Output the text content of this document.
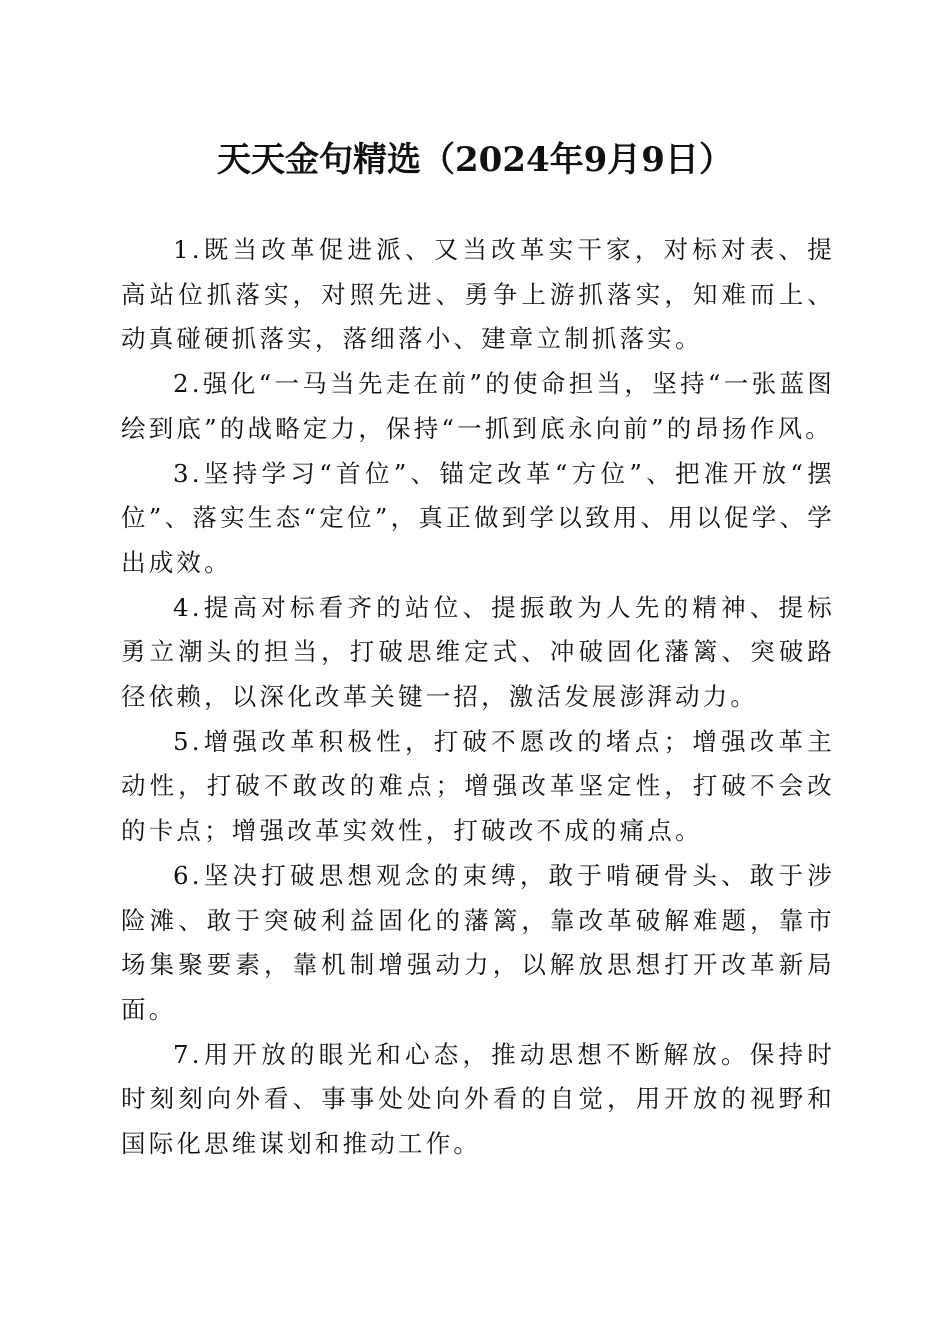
天天金句精选（2024年9月9日）

1.既当改革促进派、又当改革实干家，对标对表、提高站位抓落实，对照先进、勇争上游抓落实，知难而上、动真碰硬抓落实，落细落小、建章立制抓落实。

2.强化“一马当先走在前”的使命担当，坚持“一张蓝图绘到底”的战略定力，保持“一抓到底永向前”的昂扬作风。

3.坚持学习“首位”、锚定改革“方位”、把准开放“摆位”、落实生态“定位”，真正做到学以致用、用以促学、学出成效。

4.提高对标看齐的站位、提振敢为人先的精神、提标勇立潮头的担当，打破思维定式、冲破固化藩篱、突破路径依赖，以深化改革关键一招，激活发展澎湃动力。

5.增强改革积极性，打破不愿改的堵点；增强改革主动性，打破不敢改的难点；增强改革坚定性，打破不会改的卡点；增强改革实效性，打破改不成的痛点。

6.坚决打破思想观念的束缚，敢于啃硬骨头、敢于涉险滩、敢于突破利益固化的藩篱，靠改革破解难题，靠市场集聚要素，靠机制增强动力，以解放思想打开改革新局面。

7.用开放的眼光和心态，推动思想不断解放。保持时时刻刻向外看、事事处处向外看的自觉，用开放的视野和国际化思维谋划和推动工作。
